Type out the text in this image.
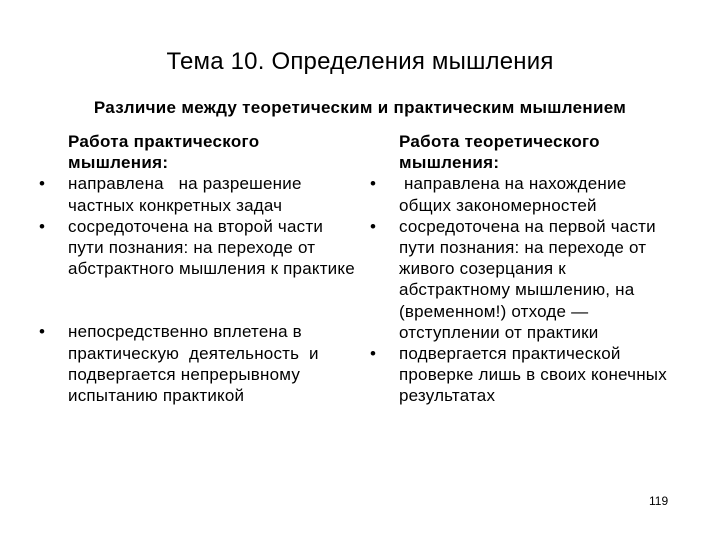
Тема 10. Определения мышления
Различие между теоретическим и практическим мышлением
Работа практического мышления:
•	направлена   на разрешение частных конкретных задач
•	сосредоточена на второй части пути познания: на переходе от абстрактного мышления к практике
•	непосредственно вплетена в практическую  деятельность  и  подвергается непрерывному  испытанию практикой
Работа теоретического мышления:
•	направлена на нахождение общих закономерностей
•	сосредоточена на первой части пути познания: на переходе от живого созерцания к абстрактному мышлению, на (временном!) отходе — отступлении от практики
•	подвергается практической проверке лишь в своих конечных результатах
119
